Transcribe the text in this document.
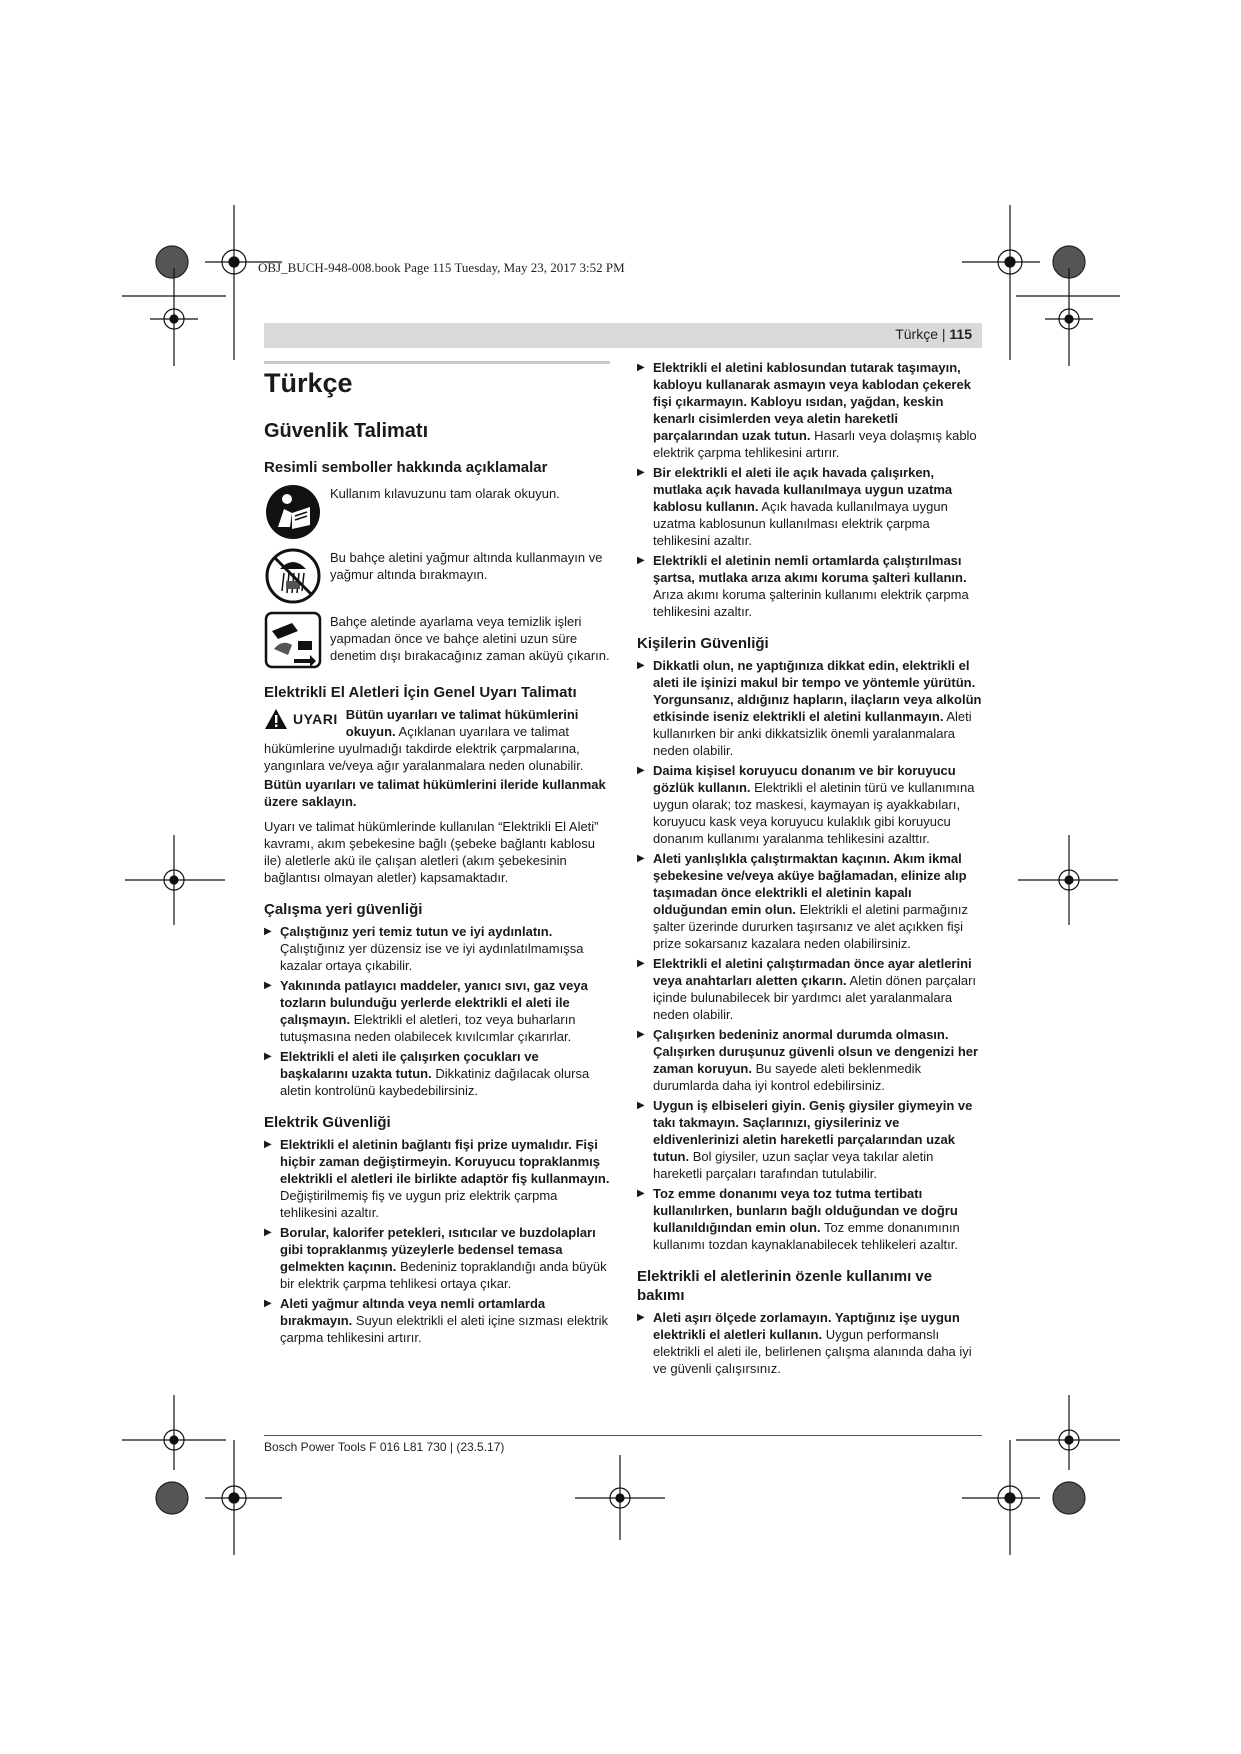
OBJ_BUCH-948-008.book Page 115 Tuesday, May 23, 2017 3:52 PM
Türkçe | 115
Türkçe
Güvenlik Talimatı
Resimli semboller hakkında açıklamalar
Kullanım kılavuzunu tam olarak okuyun.
Bu bahçe aletini yağmur altında kullanmayın ve yağmur altında bırakmayın.
Bahçe aletinde ayarlama veya temizlik işleri yapmadan önce ve bahçe aletini uzun süre denetim dışı bırakacağınız zaman aküyü çıkarın.
Elektrikli El Aletleri İçin Genel Uyarı Talimatı
UYARI Bütün uyarıları ve talimat hükümlerini okuyun. Açıklanan uyarılara ve talimat hükümlerine uyulmadığı takdirde elektrik çarpmalarına, yangınlara ve/veya ağır yaralanmalara neden olunabilir.

Bütün uyarıları ve talimat hükümlerini ileride kullanmak üzere saklayın.

Uyarı ve talimat hükümlerinde kullanılan “Elektrikli El Aleti” kavramı, akım şebekesine bağlı (şebeke bağlantı kablosu ile) aletlerle akü ile çalışan aletleri (akım şebekesinin bağlantısı olmayan aletler) kapsamaktadır.

Çalışma yeri güvenliği
▶ Çalıştığınız yeri temiz tutun ve iyi aydınlatın. Çalıştığınız yer düzensiz ise ve iyi aydınlatılmamışsa kazalar ortaya çıkabilir.
▶ Yakınında patlayıcı maddeler, yanıcı sıvı, gaz veya tozların bulunduğu yerlerde elektrikli el aleti ile çalışmayın. Elektrikli el aletleri, toz veya buharların tutuşmasına neden olabilecek kıvılcımlar çıkarırlar.
▶ Elektrikli el aleti ile çalışırken çocukları ve başkalarını uzakta tutun. Dikkatiniz dağılacak olursa aletin kontrolünü kaybedebilirsiniz.
Elektrik Güvenliği
▶ Elektrikli el aletinin bağlantı fişi prize uymalıdır. Fişi hiçbir zaman değiştirmeyin. Koruyucu topraklanmış elektrikli el aletleri ile birlikte adaptör fiş kullanmayın. Değiştirilmemiş fiş ve uygun priz elektrik çarpma tehlikesini azaltır.
▶ Borular, kalorifer petekleri, ısıtıcılar ve buzdolapları gibi topraklanmış yüzeylerle bedensel temasa gelmekten kaçının. Bedeniniz topraklandığı anda büyük bir elektrik çarpma tehlikesi ortaya çıkar.
▶ Aleti yağmur altında veya nemli ortamlarda bırakmayın. Suyun elektrikli el aleti içine sızması elektrik çarpma tehlikesini artırır.
▶ Elektrikli el aletini kablosundan tutarak taşımayın, kabloyu kullanarak asmayın veya kablodan çekerek fişi çıkarmayın. Kabloyu ısıdan, yağdan, keskin kenarlı cisimlerden veya aletin hareketli parçalarından uzak tutun. Hasarlı veya dolaşmış kablo elektrik çarpma tehlikesini artırır.
▶ Bir elektrikli el aleti ile açık havada çalışırken, mutlaka açık havada kullanılmaya uygun uzatma kablosu kullanın. Açık havada kullanılmaya uygun uzatma kablosunun kullanılması elektrik çarpma tehlikesini azaltır.
▶ Elektrikli el aletinin nemli ortamlarda çalıştırılması şartsa, mutlaka arıza akımı koruma şalteri kullanın. Arıza akımı koruma şalterinin kullanımı elektrik çarpma tehlikesini azaltır.
Kişilerin Güvenliği
▶ Dikkatli olun, ne yaptığınıza dikkat edin, elektrikli el aleti ile işinizi makul bir tempo ve yöntemle yürütün. Yorgunsanız, aldığınız hapların, ilaçların veya alkolün etkisinde iseniz elektrikli el aletini kullanmayın. Aleti kullanırken bir anki dikkatsizlik önemli yaralanmalara neden olabilir.
▶ Daima kişisel koruyucu donanım ve bir koruyucu gözlük kullanın. Elektrikli el aletinin türü ve kullanımına uygun olarak; toz maskesi, kaymayan iş ayakkabıları, koruyucu kask veya koruyucu kulaklık gibi koruyucu donanım kullanımı yaralanma tehlikesini azalttır.
▶ Aleti yanlışlıkla çalıştırmaktan kaçının. Akım ikmal şebekesine ve/veya aküye bağlamadan, elinize alıp taşımadan önce elektrikli el aletinin kapalı olduğundan emin olun. Elektrikli el aletini parmağınız şalter üzerinde dururken taşırsanız ve alet açıkken fişi prize sokarsanız kazalara neden olabilirsiniz.
▶ Elektrikli el aletini çalıştırmadan önce ayar aletlerini veya anahtarları aletten çıkarın. Aletin dönen parçaları içinde bulunabilecek bir yardımcı alet yaralanmalara neden olabilir.
▶ Çalışırken bedeniniz anormal durumda olmasın. Çalışırken duruşunuz güvenli olsun ve dengenizi her zaman koruyun. Bu sayede aleti beklenmedik durumlarda daha iyi kontrol edebilirsiniz.
▶ Uygun iş elbiseleri giyin. Geniş giysiler giymeyin ve takı takmayın. Saçlarınızı, giysileriniz ve eldivenlerinizi aletin hareketli parçalarından uzak tutun. Bol giysiler, uzun saçlar veya takılar aletin hareketli parçaları tarafından tutulabilir.
▶ Toz emme donanımı veya toz tutma tertibatı kullanılırken, bunların bağlı olduğundan ve doğru kullanıldığından emin olun. Toz emme donanımının kullanımı tozdan kaynaklanabilecek tehlikeleri azaltır.
Elektrikli el aletlerinin özenle kullanımı ve bakımı
▶ Aleti aşırı ölçede zorlamayın. Yaptığınız işe uygun elektrikli el aletleri kullanın. Uygun performanslı elektrikli el aleti ile, belirlenen çalışma alanında daha iyi ve güvenli çalışırsınız.
Bosch Power Tools F 016 L81 730 | (23.5.17)
